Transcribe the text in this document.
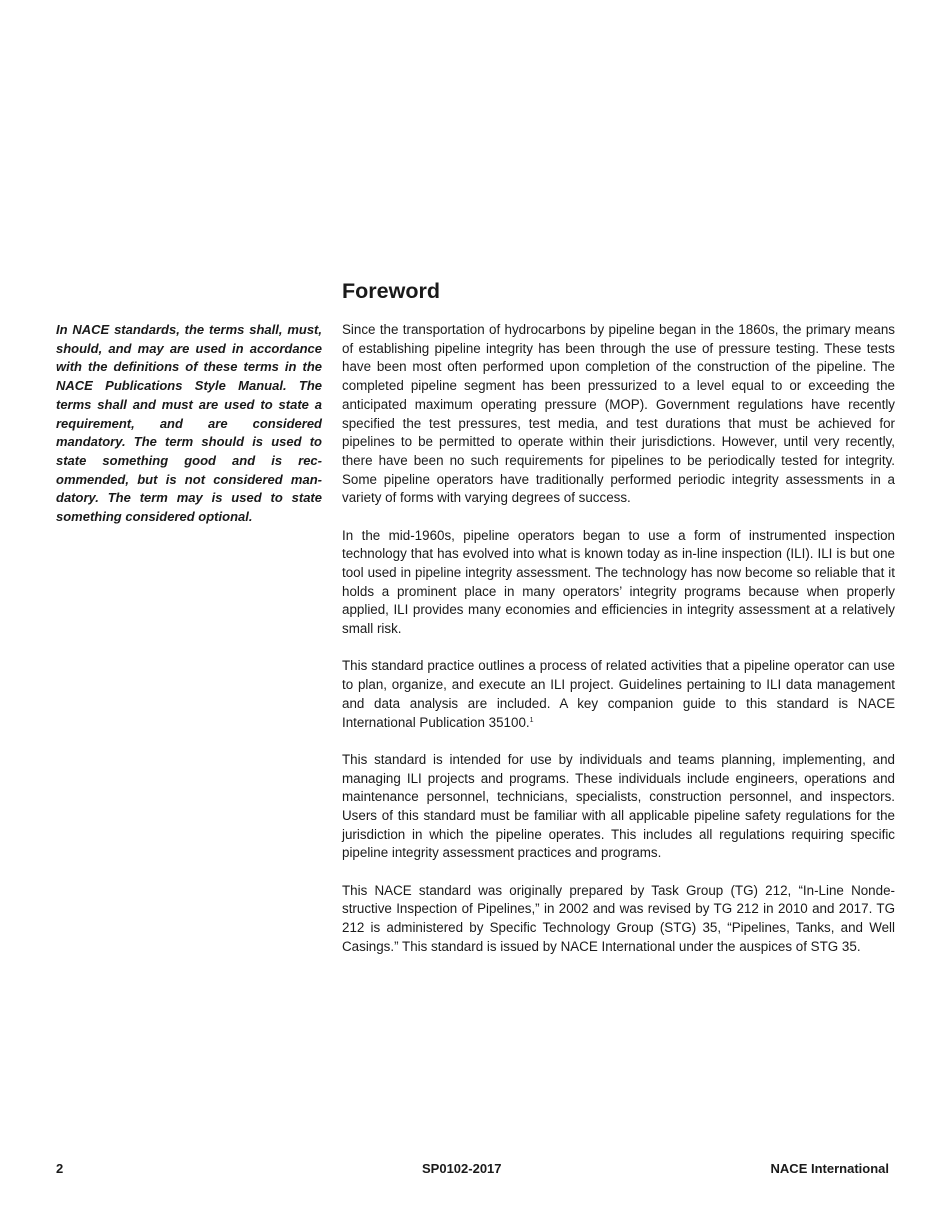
Foreword

In NACE standards, the terms shall, must, should, and may are used in accordance with the definitions of these terms in the NACE Publications Style Manual. The terms shall and must are used to state a requirement, and are considered mandatory. The term should is used to state something good and is recommended, but is not considered mandatory. The term may is used to state something considered optional.

Since the transportation of hydrocarbons by pipeline began in the 1860s, the primary means of establishing pipeline integrity has been through the use of pressure testing. These tests have been most often performed upon completion of the construction of the pipeline. The completed pipeline segment has been pressurized to a level equal to or exceeding the anticipated maximum operating pressure (MOP). Government regulations have recently specified the test pressures, test media, and test durations that must be achieved for pipelines to be permitted to operate within their jurisdictions. However, until very recently, there have been no such requirements for pipelines to be periodically tested for integrity. Some pipeline operators have traditionally performed periodic integrity assessments in a variety of forms with varying degrees of success.

In the mid-1960s, pipeline operators began to use a form of instrumented inspection technology that has evolved into what is known today as in-line inspection (ILI). ILI is but one tool used in pipeline integrity assessment. The technology has now become so reliable that it holds a prominent place in many operators’ integrity programs because when properly applied, ILI provides many economies and efficiencies in integrity assessment at a relatively small risk.

This standard practice outlines a process of related activities that a pipeline operator can use to plan, organize, and execute an ILI project. Guidelines pertaining to ILI data management and data analysis are included. A key companion guide to this standard is NACE International Publication 35100.$^1$

This standard is intended for use by individuals and teams planning, implementing, and managing ILI projects and programs. These individuals include engineers, operations and maintenance personnel, technicians, specialists, construction personnel, and inspectors. Users of this standard must be familiar with all applicable pipeline safety regulations for the jurisdiction in which the pipeline operates. This includes all regulations requiring specific pipeline integrity assessment practices and programs.

This NACE standard was originally prepared by Task Group (TG) 212, “In-Line Nondestructive Inspection of Pipelines,” in 2002 and was revised by TG 212 in 2010 and 2017. TG 212 is administered by Specific Technology Group (STG) 35, “Pipelines, Tanks, and Well Casings.” This standard is issued by NACE International under the auspices of STG 35.

2	SP0102-2017	NACE International
